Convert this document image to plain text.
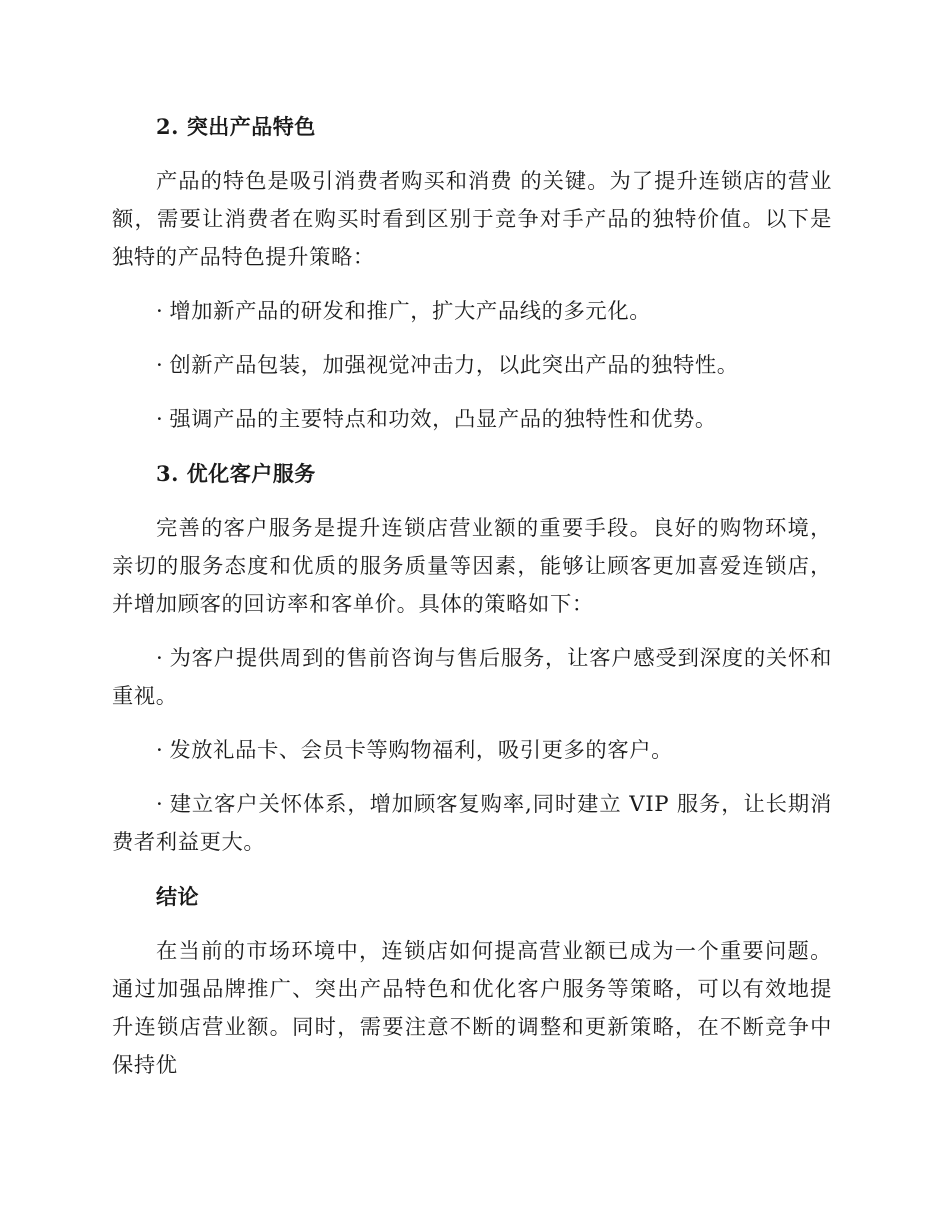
2. 突出产品特色

产品的特色是吸引消费者购买和消费 的关键。为了提升连锁店的营业额，需要让消费者在购买时看到区别于竞争对手产品的独特价值。以下是独特的产品特色提升策略：

· 增加新产品的研发和推广，扩大产品线的多元化。

· 创新产品包装，加强视觉冲击力，以此突出产品的独特性。

· 强调产品的主要特点和功效，凸显产品的独特性和优势。

3. 优化客户服务

完善的客户服务是提升连锁店营业额的重要手段。良好的购物环境，亲切的服务态度和优质的服务质量等因素，能够让顾客更加喜爱连锁店，并增加顾客的回访率和客单价。具体的策略如下：

· 为客户提供周到的售前咨询与售后服务，让客户感受到深度的关怀和重视。

· 发放礼品卡、会员卡等购物福利，吸引更多的客户。

· 建立客户关怀体系，增加顾客复购率,同时建立 VIP 服务，让长期消费者利益更大。

结论

在当前的市场环境中，连锁店如何提高营业额已成为一个重要问题。通过加强品牌推广、突出产品特色和优化客户服务等策略，可以有效地提升连锁店营业额。同时，需要注意不断的调整和更新策略，在不断竞争中保持优
